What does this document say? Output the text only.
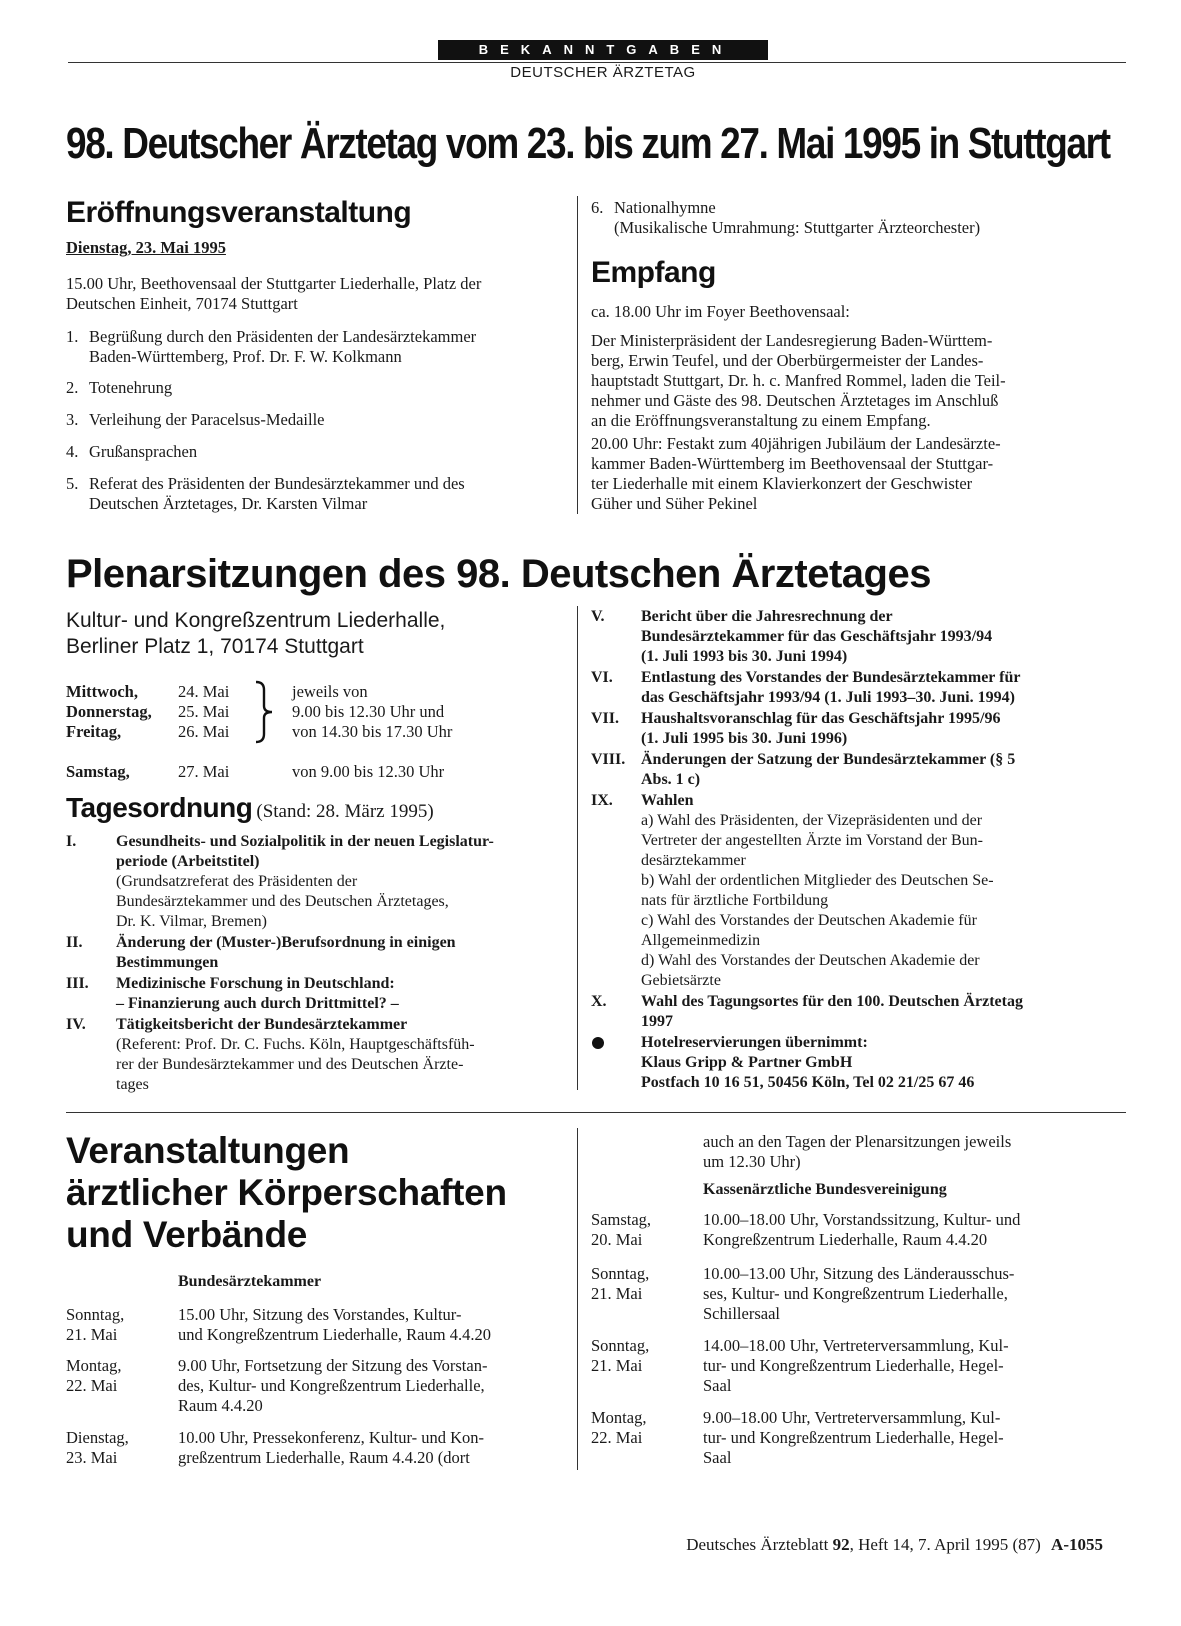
BEKANNTGABEN
DEUTSCHER ÄRZTETAG
98. Deutscher Ärztetag vom 23. bis zum 27. Mai 1995 in Stuttgart
Eröffnungsveranstaltung
Dienstag, 23. Mai 1995
15.00 Uhr, Beethovensaal der Stuttgarter Liederhalle, Platz der
Deutschen Einheit, 70174 Stuttgart
1. Begrüßung durch den Präsidenten der Landesärztekammer
Baden-Württemberg, Prof. Dr. F. W. Kolkmann
2. Totenehrung
3. Verleihung der Paracelsus-Medaille
4. Grußansprachen
5. Referat des Präsidenten der Bundesärztekammer und des
Deutschen Ärztetages, Dr. Karsten Vilmar
6. Nationalhymne
(Musikalische Umrahmung: Stuttgarter Ärzteorchester)
Empfang
ca. 18.00 Uhr im Foyer Beethovensaal:
Der Ministerpräsident der Landesregierung Baden-Württem-
berg, Erwin Teufel, und der Oberbürgermeister der Landes-
hauptstadt Stuttgart, Dr. h. c. Manfred Rommel, laden die Teil-
nehmer und Gäste des 98. Deutschen Ärztetages im Anschluß
an die Eröffnungsveranstaltung zu einem Empfang.
20.00 Uhr: Festakt zum 40jährigen Jubiläum der Landesärzte-
kammer Baden-Württemberg im Beethovensaal der Stuttgar-
ter Liederhalle mit einem Klavierkonzert der Geschwister
Güher und Süher Pekinel
Plenarsitzungen des 98. Deutschen Ärztetages
Kultur- und Kongreßzentrum Liederhalle,
Berliner Platz 1, 70174 Stuttgart
Mittwoch,
Donnerstag,
Freitag,
24. Mai
25. Mai
26. Mai
jeweils von
9.00 bis 12.30 Uhr und
von 14.30 bis 17.30 Uhr
Samstag,	27. Mai	von 9.00 bis 12.30 Uhr
Tagesordnung (Stand: 28. März 1995)
I. Gesundheits- und Sozialpolitik in der neuen Legislatur-
periode (Arbeitstitel)
(Grundsatzreferat des Präsidenten der
Bundesärztekammer und des Deutschen Ärztetages,
Dr. K. Vilmar, Bremen)
II. Änderung der (Muster-)Berufsordnung in einigen
Bestimmungen
III. Medizinische Forschung in Deutschland:
– Finanzierung auch durch Drittmittel? –
IV. Tätigkeitsbericht der Bundesärztekammer
(Referent: Prof. Dr. C. Fuchs. Köln, Hauptgeschäftsfüh-
rer der Bundesärztekammer und des Deutschen Ärzte-
tages
V. Bericht über die Jahresrechnung der
Bundesärztekammer für das Geschäftsjahr 1993/94
(1. Juli 1993 bis 30. Juni 1994)
VI. Entlastung des Vorstandes der Bundesärztekammer für
das Geschäftsjahr 1993/94 (1. Juli 1993–30. Juni. 1994)
VII. Haushaltsvoranschlag für das Geschäftsjahr 1995/96
(1. Juli 1995 bis 30. Juni 1996)
VIII. Änderungen der Satzung der Bundesärztekammer (§ 5
Abs. 1 c)
IX. Wahlen
a) Wahl des Präsidenten, der Vizepräsidenten und der
Vertreter der angestellten Ärzte im Vorstand der Bun-
desärztekammer
b) Wahl der ordentlichen Mitglieder des Deutschen Se-
nats für ärztliche Fortbildung
c) Wahl des Vorstandes der Deutschen Akademie für
Allgemeinmedizin
d) Wahl des Vorstandes der Deutschen Akademie der
Gebietsärzte
X. Wahl des Tagungsortes für den 100. Deutschen Ärztetag
1997
Hotelreservierungen übernimmt:
Klaus Gripp & Partner GmbH
Postfach 10 16 51, 50456 Köln, Tel 02 21/25 67 46
Veranstaltungen
ärztlicher Körperschaften
und Verbände
Bundesärztekammer
Sonntag,
21. Mai
15.00 Uhr, Sitzung des Vorstandes, Kultur-
und Kongreßzentrum Liederhalle, Raum 4.4.20
Montag,
22. Mai
9.00 Uhr, Fortsetzung der Sitzung des Vorstan-
des, Kultur- und Kongreßzentrum Liederhalle,
Raum 4.4.20
Dienstag,
23. Mai
10.00 Uhr, Pressekonferenz, Kultur- und Kon-
greßzentrum Liederhalle, Raum 4.4.20 (dort
auch an den Tagen der Plenarsitzungen jeweils
um 12.30 Uhr)
Kassenärztliche Bundesvereinigung
Samstag,
20. Mai
10.00–18.00 Uhr, Vorstandssitzung, Kultur- und
Kongreßzentrum Liederhalle, Raum 4.4.20
Sonntag,
21. Mai
10.00–13.00 Uhr, Sitzung des Länderausschus-
ses, Kultur- und Kongreßzentrum Liederhalle,
Schillersaal
Sonntag,
21. Mai
14.00–18.00 Uhr, Vertreterversammlung, Kul-
tur- und Kongreßzentrum Liederhalle, Hegel-
Saal
Montag,
22. Mai
9.00–18.00 Uhr, Vertreterversammlung, Kul-
tur- und Kongreßzentrum Liederhalle, Hegel-
Saal
Deutsches Ärzteblatt 92, Heft 14, 7. April 1995 (87) A-1055
